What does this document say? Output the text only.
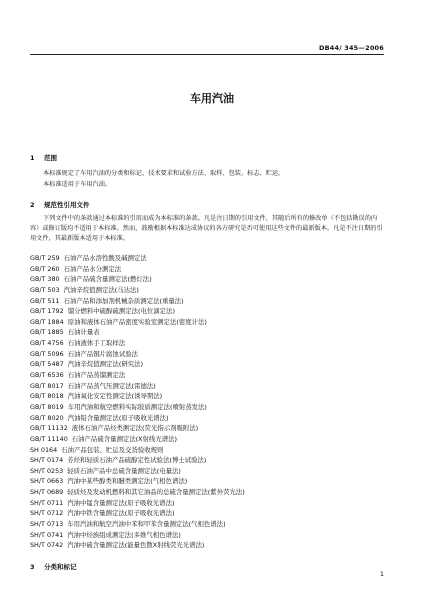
DB44/ 345—2006
车用汽油
1 范围
本标准规定了车用汽油的分类和标记、技术要求和试验方法、取样、包装、标志、贮运。
本标准适用于车用汽油。
2 规范性引用文件
下列文件中的条款通过本标准的引用而成为本标准的条款。凡是注日期的引用文件，其随后所有的修改单（不包括勘误的内容）或修订版均不适用于本标准。然而，鼓励根据本标准达成协议的各方研究是否可使用这些文件的最新版本。凡是不注日期的引用文件，其最新版本适用于本标准。
GB/T 259 石油产品水溶性酸及碱测定法
GB/T 260 石油产品水分测定法
GB/T 380 石油产品硫含量测定法(燃灯法)
GB/T 503 汽油辛烷值测定法(马达法)
GB/T 511 石油产品和添加剂机械杂质测定法(重量法)
GB/T 1792 馏分燃料中硫醇硫测定法(电位滴定法)
GB/T 1884 原油和液体石油产品密度实验室测定法(密度计法)
GB/T 1885 石油计量表
GB/T 4756 石油液体手工取样法
GB/T 5096 石油产品铜片腐蚀试验法
GB/T 5487 汽油辛烷值测定法(研究法)
GB/T 6536 石油产品蒸馏测定法
GB/T 8017 石油产品蒸气压测定法(雷德法)
GB/T 8018 汽油氧化安定性测定法(诱导期法)
GB/T 8019 车用汽油和航空燃料实际胶质测定法(喷射蒸发法)
GB/T 8020 汽油铅含量测定法(原子吸收光谱法)
GB/T 11132 液体石油产品烃类测定法(荧光指示剂吸附法)
GB/T 11140 石油产品硫含量测定法(X射线光谱法)
SH 0164 石油产品包装、贮运及交货验收规则
SH/T 0174 芳烃和轻质石油产品硫醇定性试验法(博士试验法)
SH/T 0253 轻质石油产品中总硫含量测定法(电量法)
SH/T 0663 汽油中某些醇类和醚类测定法(气相色谱法)
SH/T 0689 轻质烃及发动机燃料和其它油品的总硫含量测定法(紫外荧光法)
SH/T 0711 汽油中锰含量测定法(原子吸收光谱法)
SH/T 0712 汽油中铁含量测定法(原子吸收光谱法)
SH/T 0713 车用汽油和航空汽油中苯和甲苯含量测定法(气相色谱法)
SH/T 0741 汽油中烃族组成测定法(多维气相色谱法)
SH/T 0742 汽油中硫含量测定法(能量色散X射线荧光光谱法)
3 分类和标记
1
